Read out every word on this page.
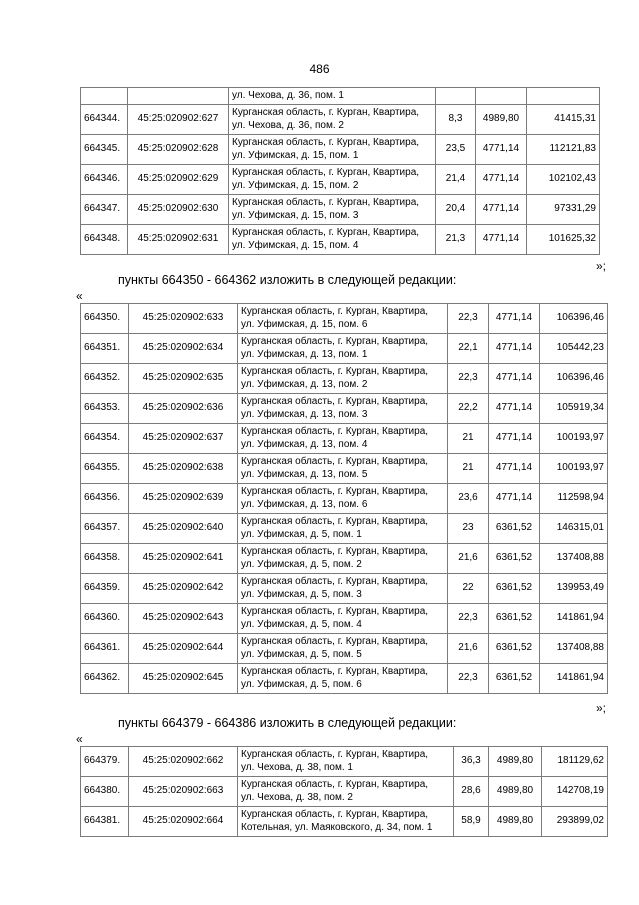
486

		ул. Чехова, д. 36, пом. 1			

664344.	45:25:020902:627	Курганская область, г. Курган, Квартира,
ул. Чехова, д. 36, пом. 2	8,3	4989,80	41415,31
664345.	45:25:020902:628	Курганская область, г. Курган, Квартира,
ул. Уфимская, д. 15, пом. 1	23,5	4771,14	112121,83
664346.	45:25:020902:629	Курганская область, г. Курган, Квартира,
ул. Уфимская, д. 15, пом. 2	21,4	4771,14	102102,43
664347.	45:25:020902:630	Курганская область, г. Курган, Квартира,
ул. Уфимская, д. 15, пом. 3	20,4	4771,14	97331,29
664348.	45:25:020902:631	Курганская область, г. Курган, Квартира,
ул. Уфимская, д. 15, пом. 4	21,3	4771,14	101625,32
»;
пункты 664350 - 664362 изложить в следующей редакции:
«
664350.	45:25:020902:633	Курганская область, г. Курган, Квартира,
ул. Уфимская, д. 15, пом. 6	22,3	4771,14	106396,46
664351.	45:25:020902:634	Курганская область, г. Курган, Квартира,
ул. Уфимская, д. 13, пом. 1	22,1	4771,14	105442,23
664352.	45:25:020902:635	Курганская область, г. Курган, Квартира,
ул. Уфимская, д. 13, пом. 2	22,3	4771,14	106396,46
664353.	45:25:020902:636	Курганская область, г. Курган, Квартира,
ул. Уфимская, д. 13, пом. 3	22,2	4771,14	105919,34
664354.	45:25:020902:637	Курганская область, г. Курган, Квартира,
ул. Уфимская, д. 13, пом. 4	21	4771,14	100193,97
664355.	45:25:020902:638	Курганская область, г. Курган, Квартира,
ул. Уфимская, д. 13, пом. 5	21	4771,14	100193,97
664356.	45:25:020902:639	Курганская область, г. Курган, Квартира,
ул. Уфимская, д. 13, пом. 6	23,6	4771,14	112598,94
664357.	45:25:020902:640	Курганская область, г. Курган, Квартира,
ул. Уфимская, д. 5, пом. 1	23	6361,52	146315,01
664358.	45:25:020902:641	Курганская область, г. Курган, Квартира,
ул. Уфимская, д. 5, пом. 2	21,6	6361,52	137408,88
664359.	45:25:020902:642	Курганская область, г. Курган, Квартира,
ул. Уфимская, д. 5, пом. 3	22	6361,52	139953,49
664360.	45:25:020902:643	Курганская область, г. Курган, Квартира,
ул. Уфимская, д. 5, пом. 4	22,3	6361,52	141861,94
664361.	45:25:020902:644	Курганская область, г. Курган, Квартира,
ул. Уфимская, д. 5, пом. 5	21,6	6361,52	137408,88
664362.	45:25:020902:645	Курганская область, г. Курган, Квартира,
ул. Уфимская, д. 5, пом. 6	22,3	6361,52	141861,94
»;
пункты 664379 - 664386 изложить в следующей редакции:
«
664379.	45:25:020902:662	Курганская область, г. Курган, Квартира,
ул. Чехова, д. 38, пом. 1	36,3	4989,80	181129,62
664380.	45:25:020902:663	Курганская область, г. Курган, Квартира,
ул. Чехова, д. 38, пом. 2	28,6	4989,80	142708,19
664381.	45:25:020902:664	Курганская область, г. Курган, Квартира,
Котельная, ул. Маяковского, д. 34, пом. 1	58,9	4989,80	293899,02
